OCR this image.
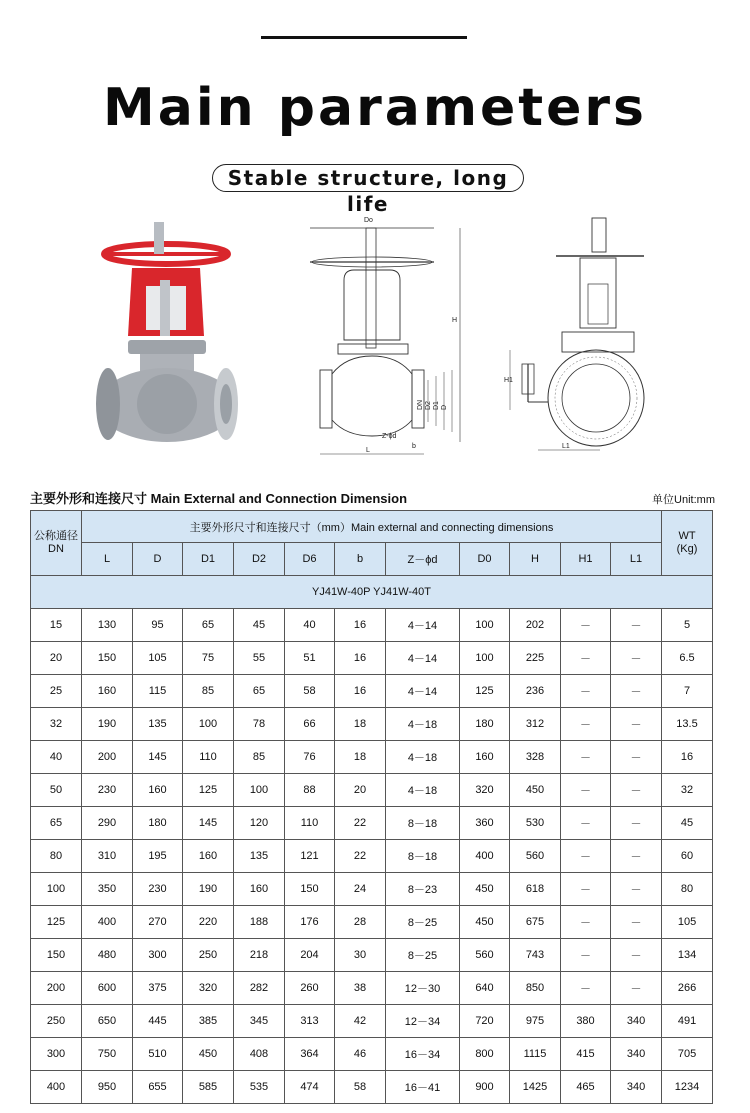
Main parameters
Stable structure, long life
Do
H
DN D2 D1 D
Z-ϕd
b
L
H1
L1
主要外形和连接尺寸 Main External and Connection Dimension	单位Unit:mm
公称通径
DN	主要外形尺寸和连接尺寸（mm）Main external and connecting dimensions											WT
(Kg)
	L	D	D1	D2	D6	b	Z－ϕd	D0	H	H1	L1	
YJ41W-40P YJ41W-40T												
15	130	95	65	45	40	16	4－14	100	202	－	－	5
20	150	105	75	55	51	16	4－14	100	225	－	－	6.5
25	160	115	85	65	58	16	4－14	125	236	－	－	7
32	190	135	100	78	66	18	4－18	180	312	－	－	13.5
40	200	145	110	85	76	18	4－18	160	328	－	－	16
50	230	160	125	100	88	20	4－18	320	450	－	－	32
65	290	180	145	120	110	22	8－18	360	530	－	－	45
80	310	195	160	135	121	22	8－18	400	560	－	－	60
100	350	230	190	160	150	24	8－23	450	618	－	－	80
125	400	270	220	188	176	28	8－25	450	675	－	－	105
150	480	300	250	218	204	30	8－25	560	743	－	－	134
200	600	375	320	282	260	38	12－30	640	850	－	－	266
250	650	445	385	345	313	42	12－34	720	975	380	340	491
300	750	510	450	408	364	46	16－34	800	1115	415	340	705
400	950	655	585	535	474	58	16－41	900	1425	465	340	1234
